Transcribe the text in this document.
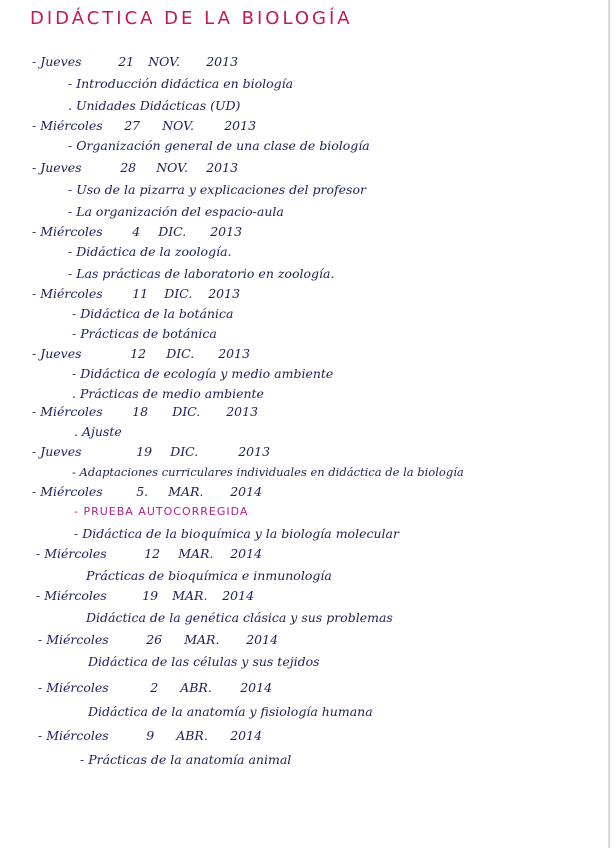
DIDÁCTICA DE LA BIOLOGÍA
- Jueves	21 NOV. 2013
- Introducción didáctica en biología
. Unidades Didácticas (UD)
- Miércoles 27 NOV. 2013
- Organización general de una clase de biología
- Jueves	28 NOV. 2013
- Uso de la pizarra y explicaciones del profesor
- La organización del espacio-aula
- Miércoles 4 DIC. 2013
- Didáctica de la zoología.
- Las prácticas de laboratorio en zoología.
- Miércoles 11 DIC. 2013
- Didáctica de la botánica
- Prácticas de botánica
- Jueves	12 DIC. 2013
- Didáctica de ecología y medio ambiente
. Prácticas de medio ambiente
- Miércoles 18 DIC. 2013
. Ajuste
- Jueves	19 DIC.	2013
- Adaptaciones curriculares individuales en didáctica de la biología
- Miércoles	5. MAR. 2014
- PRUEBA AUTOCORREGIDA
- Didáctica de la bioquímica y la biología molecular
- Miércoles	12 MAR. 2014
Prácticas de bioquímica e inmunología
- Miércoles	19 MAR. 2014
Didáctica de la genética clásica y sus problemas
- Miércoles	26 MAR. 2014
Didáctica de las células y sus tejidos
- Miércoles	2 ABR. 2014
Didáctica de la anatomía y fisiología humana
- Miércoles	9 ABR. 2014
- Prácticas de la anatomía animal
